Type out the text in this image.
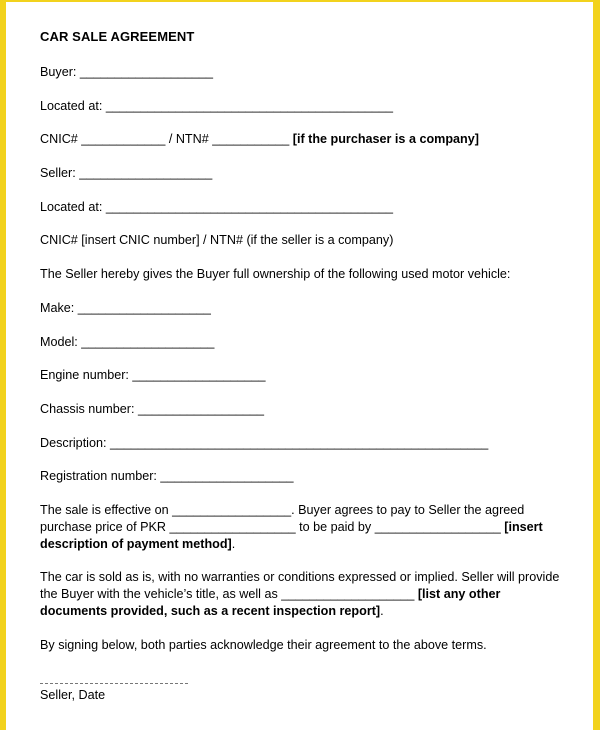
CAR SALE AGREEMENT
Buyer: ___________________
Located at: _________________________________________
CNIC# ____________ / NTN# ___________ [if the purchaser is a company]
Seller: ___________________
Located at: _________________________________________
CNIC# [insert CNIC number] / NTN# (if the seller is a company)
The Seller hereby gives the Buyer full ownership of the following used motor vehicle:
Make: ___________________
Model: ___________________
Engine number: ___________________
Chassis number: __________________
Description: ______________________________________________________
Registration number: ___________________
The sale is effective on _________________. Buyer agrees to pay to Seller the agreed
purchase price of PKR __________________ to be paid by __________________ [insert
description of payment method].
The car is sold as is, with no warranties or conditions expressed or implied. Seller will provide
the Buyer with the vehicle’s title, as well as ___________________ [list any other
documents provided, such as a recent inspection report].
By signing below, both parties acknowledge their agreement to the above terms.
Seller, Date
